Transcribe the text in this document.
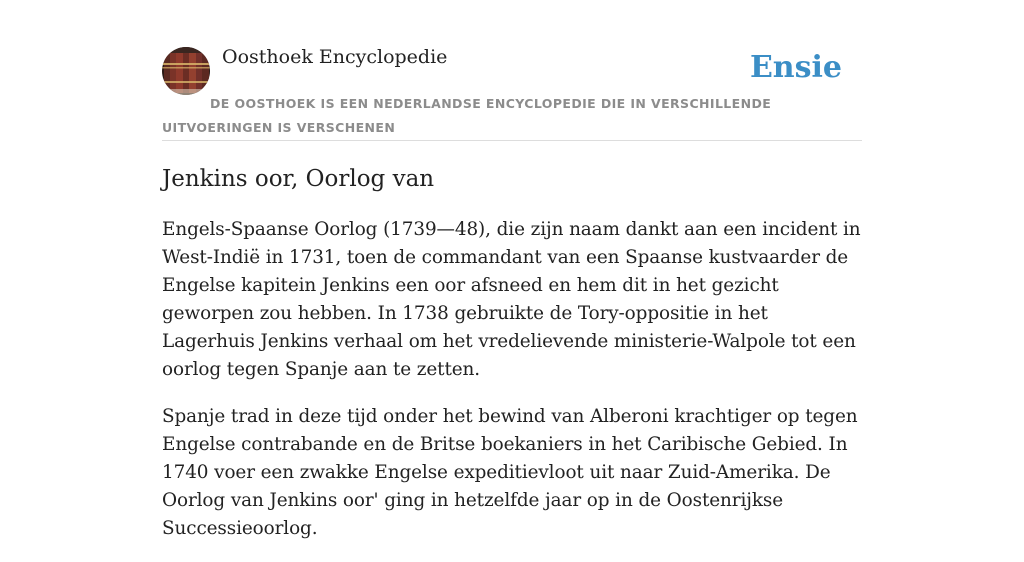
Oosthoek Encyclopedie	Ensie
DE OOSTHOEK IS EEN NEDERLANDSE ENCYCLOPEDIE DIE IN VERSCHILLENDE UITVOERINGEN IS VERSCHENEN
Jenkins oor, Oorlog van

Engels-Spaanse Oorlog (1739—48), die zijn naam dankt aan een incident in West-Indië in 1731, toen de commandant van een Spaanse kustvaarder de Engelse kapitein Jenkins een oor afsneed en hem dit in het gezicht geworpen zou hebben. In 1738 gebruikte de Tory-oppositie in het Lagerhuis Jenkins verhaal om het vredelievende ministerie-Walpole tot een oorlog tegen Spanje aan te zetten.

Spanje trad in deze tijd onder het bewind van Alberoni krachtiger op tegen Engelse contrabande en de Britse boekaniers in het Caribische Gebied. In 1740 voer een zwakke Engelse expeditievloot uit naar Zuid-Amerika. De Oorlog van Jenkins oor' ging in hetzelfde jaar op in de Oostenrijkse Successieoorlog.
